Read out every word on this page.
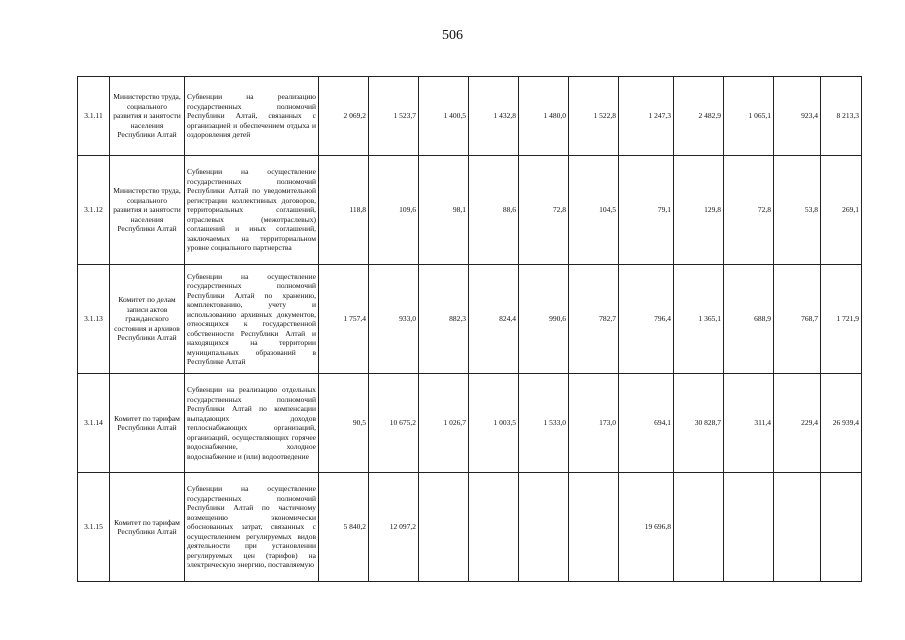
506
3.1.11	Министерство труда, социального развития и занятости населения Республики Алтай	Субвенции на реализацию государственных полномочий Республики Алтай, связанных с организацией и обеспечением отдыха и оздоровления детей	2 069,2	1 523,7	1 400,5	1 432,8	1 480,0	1 522,8	1 247,3	2 482,9	1 065,1	923,4	8 213,3
3.1.12	Министерство труда, социального развития и занятости населения Республики Алтай	Субвенции на осуществление государственных полномочий Республики Алтай по уведомительной регистрации коллективных договоров, территориальных соглашений, отраслевых (межотраслевых) соглашений и иных соглашений, заключаемых на территориальном уровне социального партнерства	118,8	109,6	98,1	88,6	72,8	104,5	79,1	129,8	72,8	53,8	269,1
3.1.13	Комитет по делам записи актов гражданского состояния и архивов Республики Алтай	Субвенции на осуществление государственных полномочий Республики Алтай по хранению, комплектованию, учету и использованию архивных документов, относящихся к государственной собственности Республики Алтай и находящихся на территории муниципальных образований в Республике Алтай	1 757,4	933,0	882,3	824,4	990,6	782,7	796,4	1 365,1	688,9	768,7	1 721,9
3.1.14	Комитет по тарифам Республики Алтай	Субвенции на реализацию отдельных государственных полномочий Республики Алтай по компенсации выпадающих доходов теплоснабжающих организаций, организаций, осуществляющих горячее водоснабжение, холодное водоснабжение и (или) водоотведение	90,5	10 675,2	1 026,7	1 003,5	1 533,0	173,0	694,1	30 828,7	311,4	229,4	26 939,4
3.1.15	Комитет по тарифам Республики Алтай	Субвенции на осуществление государственных полномочий Республики Алтай по частичному возмещению экономически обоснованных затрат, связанных с осуществлением регулируемых видов деятельности при установлении регулируемых цен (тарифов) на электрическую энергию, поставляемую	5 840,2	12 097,2					19 696,8				
